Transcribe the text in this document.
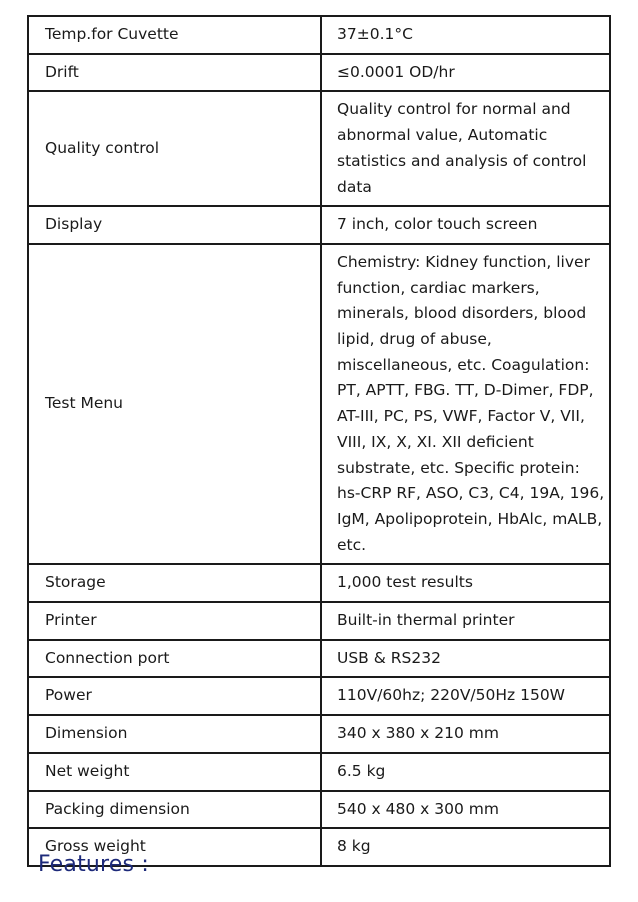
Temp.for Cuvette	37±0.1°C
Drift	≤0.0001 OD/hr
Quality control	Quality control for normal and abnormal value, Automatic statistics and analysis of control data
Display	7 inch, color touch screen
Test Menu	Chemistry: Kidney function, liver function, cardiac markers, minerals, blood disorders, blood lipid, drug of abuse, miscellaneous, etc. Coagulation: PT, APTT, FBG. TT, D-Dimer, FDP, AT-III, PC, PS, VWF, Factor V, VII, VIII, IX, X, XI. XII deficient substrate, etc. Specific protein: hs-CRP RF, ASO, C3, C4, 19A, 196, IgM, Apolipoprotein, HbAlc, mALB, etc.
Storage	1,000 test results
Printer	Built-in thermal printer
Connection port	USB & RS232
Power	110V/60hz; 220V/50Hz 150W
Dimension	340 x 380 x 210 mm
Net weight	6.5 kg
Packing dimension	540 x 480 x 300 mm
Gross weight	8 kg
Features :
